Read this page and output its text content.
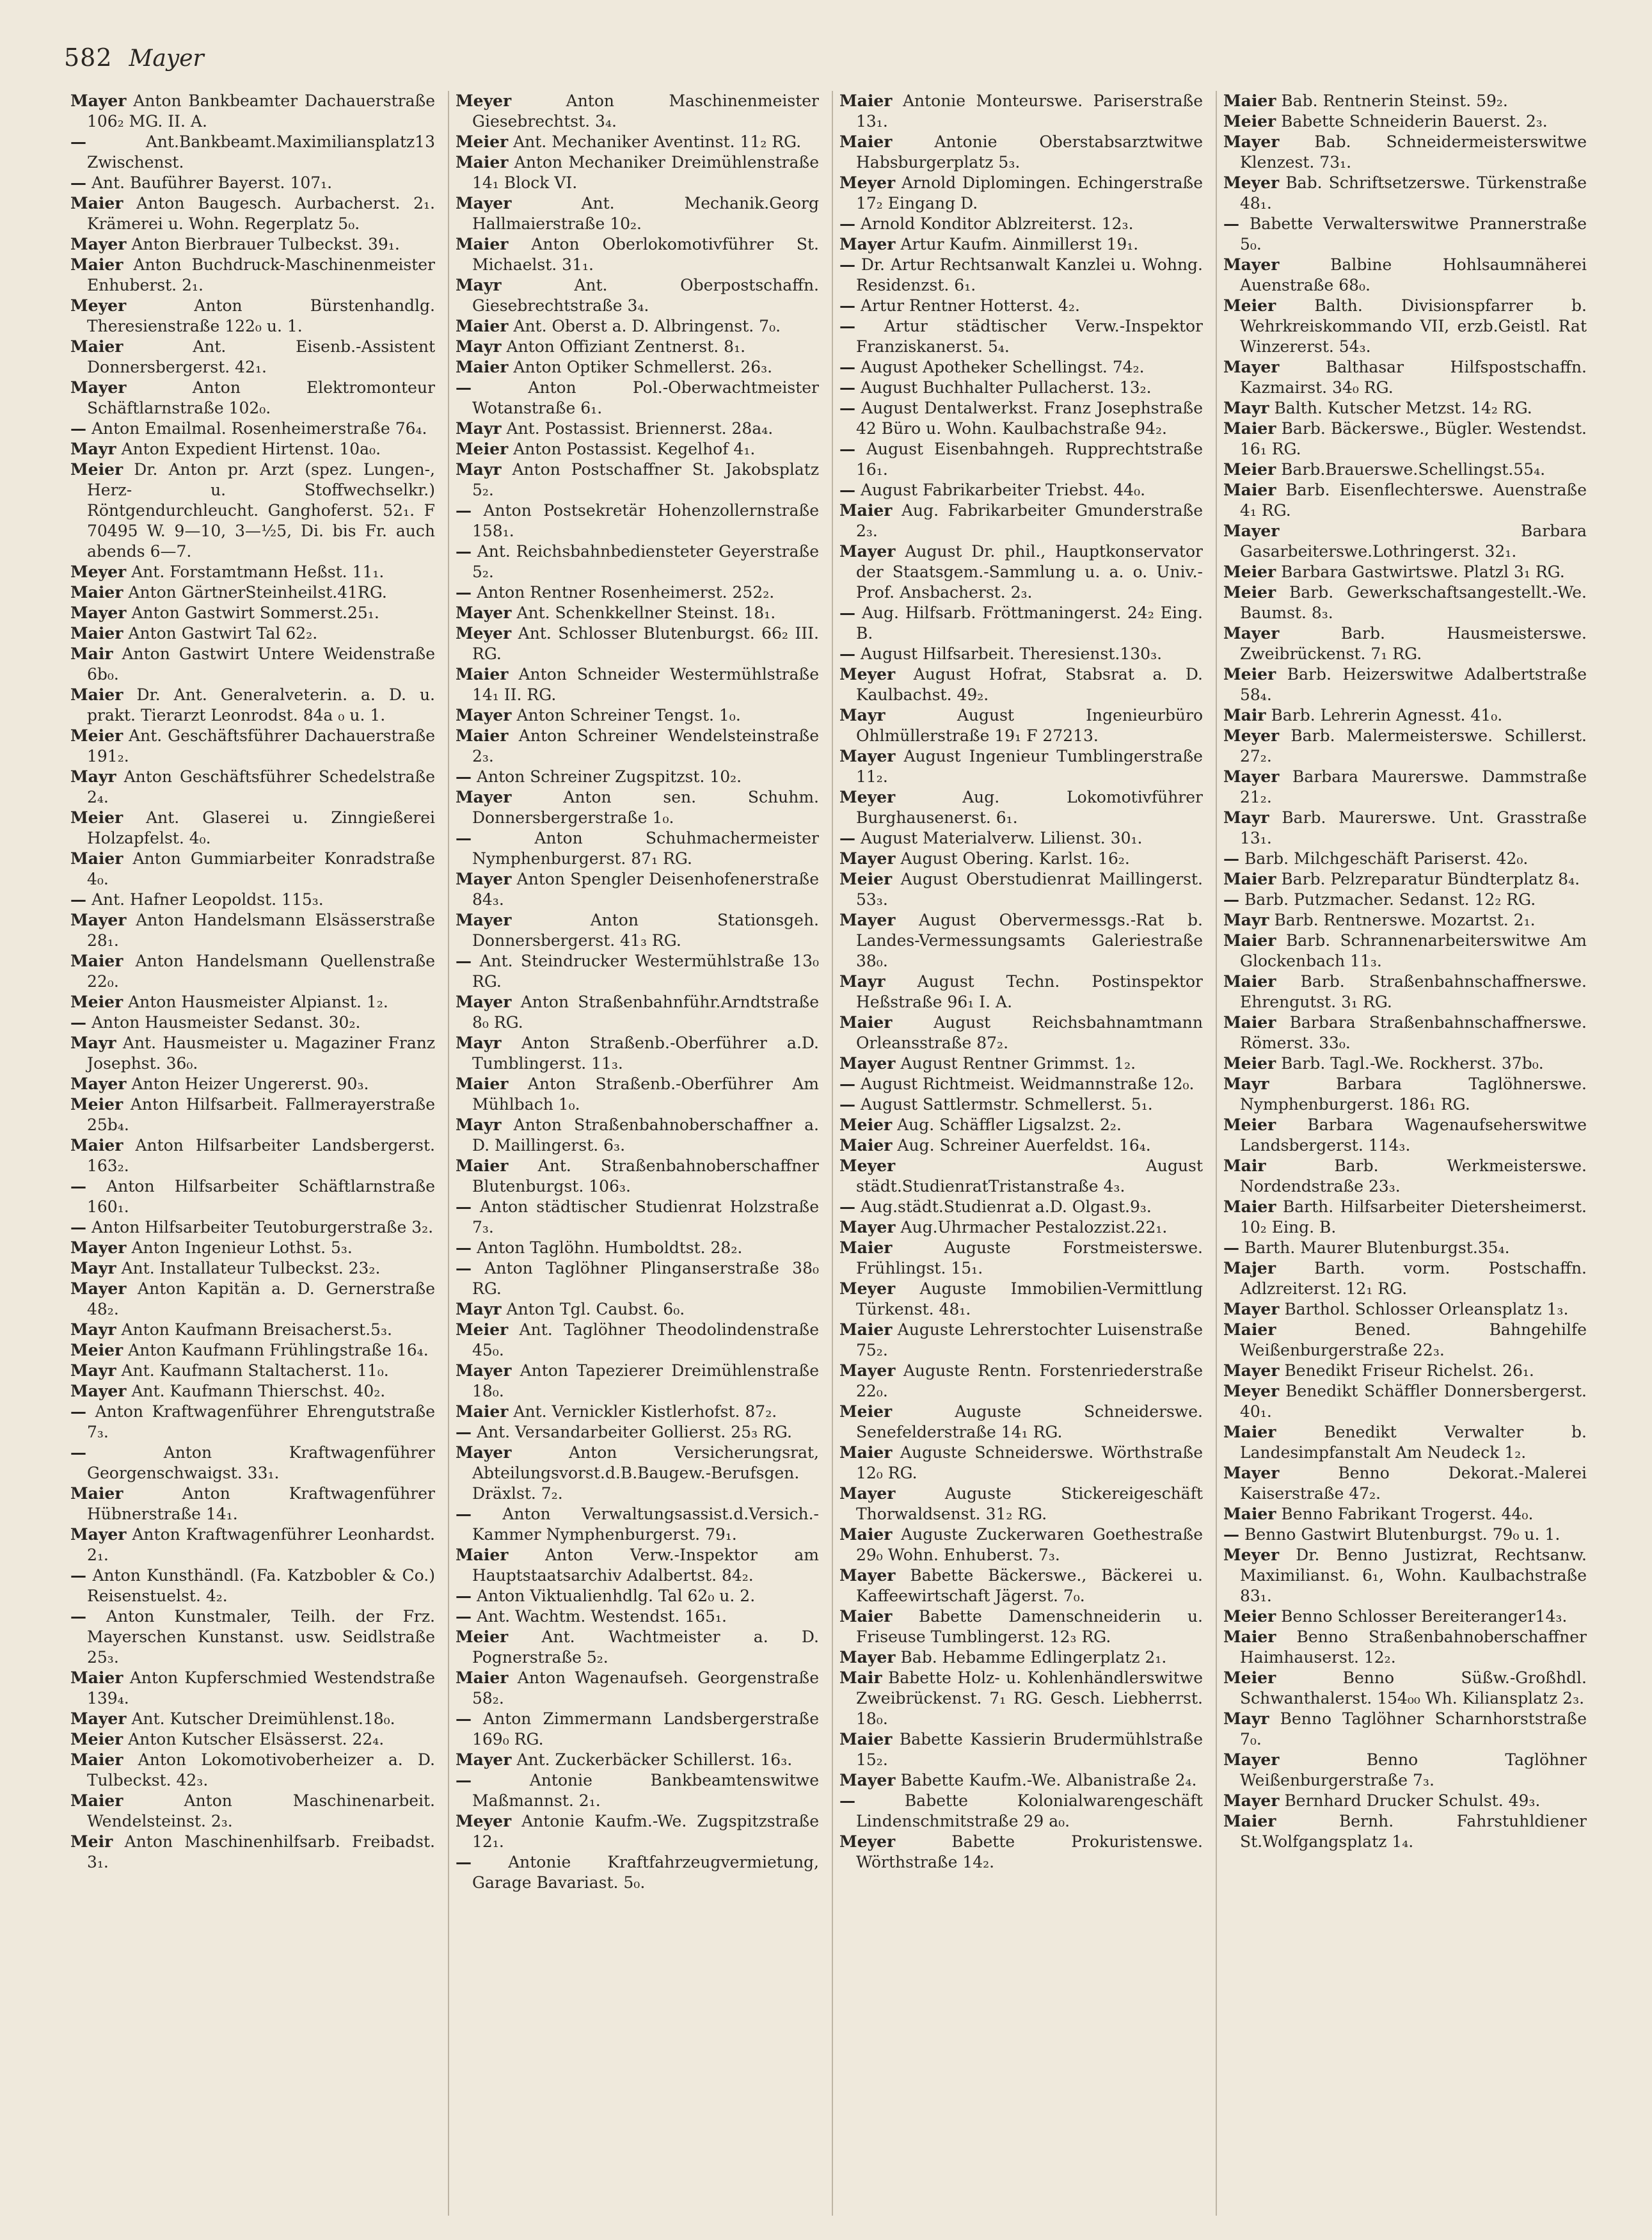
582 Mayer

Mayer Anton Bankbeamter Dachauerstraße 106₂ MG. II. A.

—	Ant.Bankbeamt.Maximiliansplatz13 Zwischenst.

— Ant. Bauführer Bayerst. 107₁.

Maier Anton Baugesch. Aurbacherst. 2₁. Krämerei u. Wohn. Regerplatz 5₀.

Mayer Anton Bierbrauer Tulbeckst. 39₁.

Maier Anton Buchdruck-Maschinenmeister Enhuberst. 2₁.

Meyer	Anton Bürstenhandlg. Theresienstraße 122₀ u. 1.

Maier	Ant. Eisenb.-Assistent Donnersbergerst. 42₁.

Mayer	Anton Elektromonteur Schäftlarnstraße 102₀.

— Anton Emailmal. Rosenheimerstraße 76₄.

Mayr Anton Expedient Hirtenst. 10a₀.

Meier Dr. Anton pr. Arzt (spez. Lungen-, Herz- u. Stoffwechselkr.) Röntgendurchleucht. Ganghoferst. 52₁. F 70495 W. 9—10, 3—½5, Di. bis Fr. auch abends 6—7.

Meyer Ant. Forstamtmann Heßst. 11₁.

Maier Anton GärtnerSteinheilst.41RG.

Mayer Anton Gastwirt Sommerst.25₁.

Maier Anton Gastwirt Tal 62₂.

Mair Anton Gastwirt Untere Weidenstraße 6b₀.

Maier Dr. Ant. Generalveterin. a. D. u. prakt. Tierarzt Leonrodst. 84a ₀ u. 1.

Meier Ant. Geschäftsführer Dachauerstraße 191₂.

Mayr Anton Geschäftsführer Schedelstraße 2₄.

Meier Ant. Glaserei u. Zinngießerei Holzapfelst. 4₀.

Maier Anton Gummiarbeiter Konradstraße 4₀.

— Ant. Hafner Leopoldst. 115₃.

Mayer Anton Handelsmann Elsässerstraße 28₁.

Maier Anton Handelsmann Quellenstraße 22₀.

Meier Anton Hausmeister Alpianst. 1₂.

— Anton Hausmeister Sedanst. 30₂.

Mayr Ant. Hausmeister u. Magaziner Franz Josephst. 36₀.

Mayer Anton Heizer Ungererst. 90₃.

Meier Anton Hilfsarbeit. Fallmerayerstraße 25b₄.

Maier Anton Hilfsarbeiter Landsbergerst. 163₂.

— Anton Hilfsarbeiter Schäftlarnstraße 160₁.

— Anton Hilfsarbeiter Teutoburgerstraße 3₂.

Mayer Anton Ingenieur Lothst. 5₃.

Mayr Ant. Installateur Tulbeckst. 23₂.

Mayer Anton Kapitän a. D. Gernerstraße 48₂.

Mayr Anton Kaufmann Breisacherst.5₃.

Meier Anton Kaufmann Frühlingstraße 16₄.

Mayr Ant. Kaufmann Staltacherst. 11₀.

Mayer Ant. Kaufmann Thierschst. 40₂.

— Anton Kraftwagenführer Ehrengutstraße 7₃.

—	Anton Kraftwagenführer Georgenschwaigst. 33₁.

Maier	Anton Kraftwagenführer Hübnerstraße 14₁.

Mayer Anton Kraftwagenführer Leonhardst. 2₁.

— Anton Kunsthändl. (Fa. Katzbobler & Co.) Reisenstuelst. 4₂.

— Anton Kunstmaler, Teilh. der Frz. Mayerschen Kunstanst. usw. Seidlstraße 25₃.

Maier Anton Kupferschmied Westendstraße 139₄.

Mayer Ant. Kutscher Dreimühlenst.18₀.

Meier Anton Kutscher Elsässerst. 22₄.

Maier Anton Lokomotivoberheizer a. D. Tulbeckst. 42₃.

Maier	Anton Maschinenarbeit. Wendelsteinst. 2₃.

Meir Anton Maschinenhilfsarb. Freibadst. 3₁.

Meyer	Anton Maschinenmeister Giesebrechtst. 3₄.

Meier Ant. Mechaniker Aventinst. 11₂ RG.

Maier Anton Mechaniker Dreimühlenstraße 14₁ Block VI.

Mayer	Ant. Mechanik.Georg Hallmaierstraße 10₂.

Maier Anton Oberlokomotivführer St. Michaelst. 31₁.

Mayr	Ant. Oberpostschaffn. Giesebrechtstraße 3₄.

Maier Ant. Oberst a. D. Albringenst. 7₀.

Mayr Anton Offiziant Zentnerst. 8₁.

Maier Anton Optiker Schmellerst. 26₃.

—	Anton Pol.-Oberwachtmeister Wotanstraße 6₁.

Mayr Ant. Postassist. Briennerst. 28a₄.

Meier Anton Postassist. Kegelhof 4₁.

Mayr Anton Postschaffner St. Jakobsplatz 5₂.

— Anton Postsekretär Hohenzollernstraße 158₁.

— Ant. Reichsbahnbediensteter Geyerstraße 5₂.

— Anton Rentner Rosenheimerst. 252₂.

Mayer Ant. Schenkkellner Steinst. 18₁.

Meyer Ant. Schlosser Blutenburgst. 66₂ III. RG.

Maier Anton Schneider Westermühlstraße 14₁ II. RG.

Mayer Anton Schreiner Tengst. 1₀.

Maier Anton Schreiner Wendelsteinstraße 2₃.

— Anton Schreiner Zugspitzst. 10₂.

Mayer	Anton sen. Schuhm. Donnersbergerstraße 1₀.

—	Anton Schuhmachermeister Nymphenburgerst. 87₁ RG.

Mayer Anton Spengler Deisenhofenerstraße 84₃.

Mayer	Anton Stationsgeh. Donnersbergerst. 41₃ RG.

— Ant. Steindrucker Westermühlstraße 13₀ RG.

Mayer Anton Straßenbahnführ.Arndtstraße 8₀ RG.

Mayr Anton Straßenb.-Oberführer a.D. Tumblingerst. 11₃.

Maier Anton Straßenb.-Oberführer Am Mühlbach 1₀.

Mayr Anton Straßenbahnoberschaffner a. D. Maillingerst. 6₃.

Maier Ant. Straßenbahnoberschaffner Blutenburgst. 106₃.

— Anton städtischer Studienrat Holzstraße 7₃.

— Anton Taglöhn. Humboldtst. 28₂.

— Anton Taglöhner Plinganserstraße 38₀ RG.

Mayr Anton Tgl. Caubst. 6₀.

Meier Ant. Taglöhner Theodolindenstraße 45₀.

Mayer Anton Tapezierer Dreimühlenstraße 18₀.

Maier Ant. Vernickler Kistlerhofst. 87₂.

— Ant. Versandarbeiter Gollierst. 25₃ RG.

Mayer	Anton Versicherungsrat, Abteilungsvorst.d.B.Baugew.-Berufsgen. Dräxlst. 7₂.

— Anton Verwaltungsassist.d.Versich.-Kammer Nymphenburgerst. 79₁.

Maier Anton Verw.-Inspektor am Hauptstaatsarchiv Adalbertst. 84₂.

— Anton Viktualienhdlg. Tal 62₀ u. 2.

— Ant. Wachtm. Westendst. 165₁.

Meier Ant. Wachtmeister a. D. Pognerstraße 5₂.

Maier Anton Wagenaufseh. Georgenstraße 58₂.

— Anton Zimmermann Landsbergerstraße 169₀ RG.

Mayer Ant. Zuckerbäcker Schillerst. 16₃.

—	Antonie Bankbeamtenswitwe Maßmannst. 2₁.

Meyer Antonie Kaufm.-We. Zugspitzstraße 12₁.

— Antonie Kraftfahrzeugvermietung, Garage Bavariast. 5₀.

Maier Antonie Monteurswe. Pariserstraße 13₁.

Maier	Antonie Oberstabsarztwitwe Habsburgerplatz 5₃.

Meyer Arnold Diplomingen. Echingerstraße 17₂ Eingang D.

— Arnold Konditor Ablzreiterst. 12₃.

Mayer Artur Kaufm. Ainmillerst 19₁.

— Dr. Artur Rechtsanwalt Kanzlei u. Wohng. Residenzst. 6₁.

— Artur Rentner Hotterst. 4₂.

— Artur städtischer Verw.-Inspektor Franziskanerst. 5₄.

— August Apotheker Schellingst. 74₂.

— August Buchhalter Pullacherst. 13₂.

— August Dentalwerkst. Franz Josephstraße 42 Büro u. Wohn. Kaulbachstraße 94₂.

— August Eisenbahngeh. Rupprechtstraße 16₁.

— August Fabrikarbeiter Triebst. 44₀.

Maier Aug. Fabrikarbeiter Gmunderstraße 2₃.

Mayer August Dr. phil., Hauptkonservator der Staatsgem.-Sammlung u. a. o. Univ.-Prof. Ansbacherst. 2₃.

— Aug. Hilfsarb. Fröttmaningerst. 24₂ Eing. B.

— August Hilfsarbeit. Theresienst.130₃.

Meyer August Hofrat, Stabsrat a. D. Kaulbachst. 49₂.

Mayr	August Ingenieurbüro Ohlmüllerstraße 19₁ F 27213.

Mayer August Ingenieur Tumblingerstraße 11₂.

Meyer	Aug. Lokomotivführer Burghausenerst. 6₁.

— August Materialverw. Lilienst. 30₁.

Mayer August Obering. Karlst. 16₂.

Meier August Oberstudienrat Maillingerst. 53₃.

Mayer August Obervermessgs.-Rat b. Landes-Vermessungsamts Galeriestraße 38₀.

Mayr August Techn. Postinspektor Heßstraße 96₁ I. A.

Maier	August Reichsbahnamtmann Orleansstraße 87₂.

Mayer August Rentner Grimmst. 1₂.

— August Richtmeist. Weidmannstraße 12₀.

— August Sattlermstr. Schmellerst. 5₁.

Meier Aug. Schäffler Ligsalzst. 2₂.

Maier Aug. Schreiner Auerfeldst. 16₄.

Meyer	August städt.StudienratTristanstraße 4₃.

— Aug.städt.Studienrat a.D. Olgast.9₃.

Mayer Aug.Uhrmacher Pestalozzist.22₁.

Maier	Auguste Forstmeisterswe. Frühlingst. 15₁.

Meyer Auguste Immobilien-Vermittlung Türkenst. 48₁.

Maier Auguste Lehrerstochter Luisenstraße 75₂.

Mayer Auguste Rentn. Forstenriederstraße 22₀.

Meier	Auguste Schneiderswe. Senefelderstraße 14₁ RG.

Maier Auguste Schneiderswe. Wörthstraße 12₀ RG.

Mayer	Auguste Stickereigeschäft Thorwaldsenst. 31₂ RG.

Maier Auguste Zuckerwaren Goethestraße 29₀ Wohn. Enhuberst. 7₃.

Mayer Babette Bäckerswe., Bäckerei u. Kaffeewirtschaft Jägerst. 7₀.

Maier Babette Damenschneiderin u. Friseuse Tumblingerst. 12₃ RG.

Mayer Bab. Hebamme Edlingerplatz 2₁.

Mair Babette Holz- u. Kohlenhändlerswitwe Zweibrückenst. 7₁ RG. Gesch. Liebherrst. 18₀.

Maier Babette Kassierin Brudermühlstraße 15₂.

Mayer Babette Kaufm.-We. Albanistraße 2₄.

—	Babette Kolonialwarengeschäft Lindenschmitstraße 29 a₀.

Meyer	Babette Prokuristenswe. Wörthstraße 14₂.

Maier Bab. Rentnerin Steinst. 59₂.

Meier Babette Schneiderin Bauerst. 2₃.

Mayer Bab. Schneidermeisterswitwe Klenzest. 73₁.

Meyer Bab. Schriftsetzerswe. Türkenstraße 48₁.

— Babette Verwalterswitwe Prannerstraße 5₀.

Mayer	Balbine Hohlsaumnäherei Auenstraße 68₀.

Meier Balth. Divisionspfarrer b. Wehrkreiskommando VII, erzb.Geistl. Rat Winzererst. 54₃.

Mayer	Balthasar Hilfspostschaffn. Kazmairst. 34₀ RG.

Mayr Balth. Kutscher Metzst. 14₂ RG.

Maier Barb. Bäckerswe., Bügler. Westendst. 16₁ RG.

Meier Barb.Brauerswe.Schellingst.55₄.

Maier Barb. Eisenflechterswe. Auenstraße 4₁ RG.

Mayer	Barbara Gasarbeiterswe.Lothringerst. 32₁.

Meier Barbara Gastwirtswe. Platzl 3₁ RG.

Meier Barb. Gewerkschaftsangestellt.-We. Baumst. 8₃.

Mayer	Barb. Hausmeisterswe. Zweibrückenst. 7₁ RG.

Meier Barb. Heizerswitwe Adalbertstraße 58₄.

Mair Barb. Lehrerin Agnesst. 41₀.

Meyer Barb. Malermeisterswe. Schillerst. 27₂.

Mayer Barbara Maurerswe. Dammstraße 21₂.

Mayr Barb. Maurerswe. Unt. Grasstraße 13₁.

— Barb. Milchgeschäft Pariserst. 42₀.

Maier Barb. Pelzreparatur Bündterplatz 8₄.

— Barb. Putzmacher. Sedanst. 12₂ RG.

Mayr Barb. Rentnerswe. Mozartst. 2₁.

Maier Barb. Schrannenarbeiterswitwe Am Glockenbach 11₃.

Maier Barb. Straßenbahnschaffnerswe. Ehrengutst. 3₁ RG.

Maier Barbara Straßenbahnschaffnerswe. Römerst. 33₀.

Meier Barb. Tagl.-We. Rockherst. 37b₀.

Mayr	Barbara Taglöhnerswe. Nymphenburgerst. 186₁ RG.

Meier Barbara Wagenaufseherswitwe Landsbergerst. 114₃.

Mair	Barb. Werkmeisterswe. Nordendstraße 23₃.

Maier Barth. Hilfsarbeiter Dietersheimerst. 10₂ Eing. B.

— Barth. Maurer Blutenburgst.35₄.

Majer Barth. vorm. Postschaffn. Adlzreiterst. 12₁ RG.

Mayer Barthol. Schlosser Orleansplatz 1₃.

Maier	Bened. Bahngehilfe Weißenburgerstraße 22₃.

Mayer Benedikt Friseur Richelst. 26₁.

Meyer Benedikt Schäffler Donnersbergerst. 40₁.

Maier	Benedikt Verwalter b. Landesimpfanstalt Am Neudeck 1₂.

Mayer	Benno Dekorat.-Malerei Kaiserstraße 47₂.

Maier Benno Fabrikant Trogerst. 44₀.

— Benno Gastwirt Blutenburgst. 79₀ u. 1.

Meyer Dr. Benno Justizrat, Rechtsanw. Maximilianst. 6₁, Wohn. Kaulbachstraße 83₁.

Meier Benno Schlosser Bereiteranger14₃.

Maier Benno Straßenbahnoberschaffner Haimhauserst. 12₂.

Meier	Benno Süßw.-Großhdl. Schwanthalerst. 154₀₀ Wh. Kiliansplatz 2₃.

Mayr Benno Taglöhner Scharnhorststraße 7₀.

Mayer	Benno Taglöhner Weißenburgerstraße 7₃.

Mayer Bernhard Drucker Schulst. 49₃.

Maier	Bernh. Fahrstuhldiener St.Wolfgangsplatz 1₄.
